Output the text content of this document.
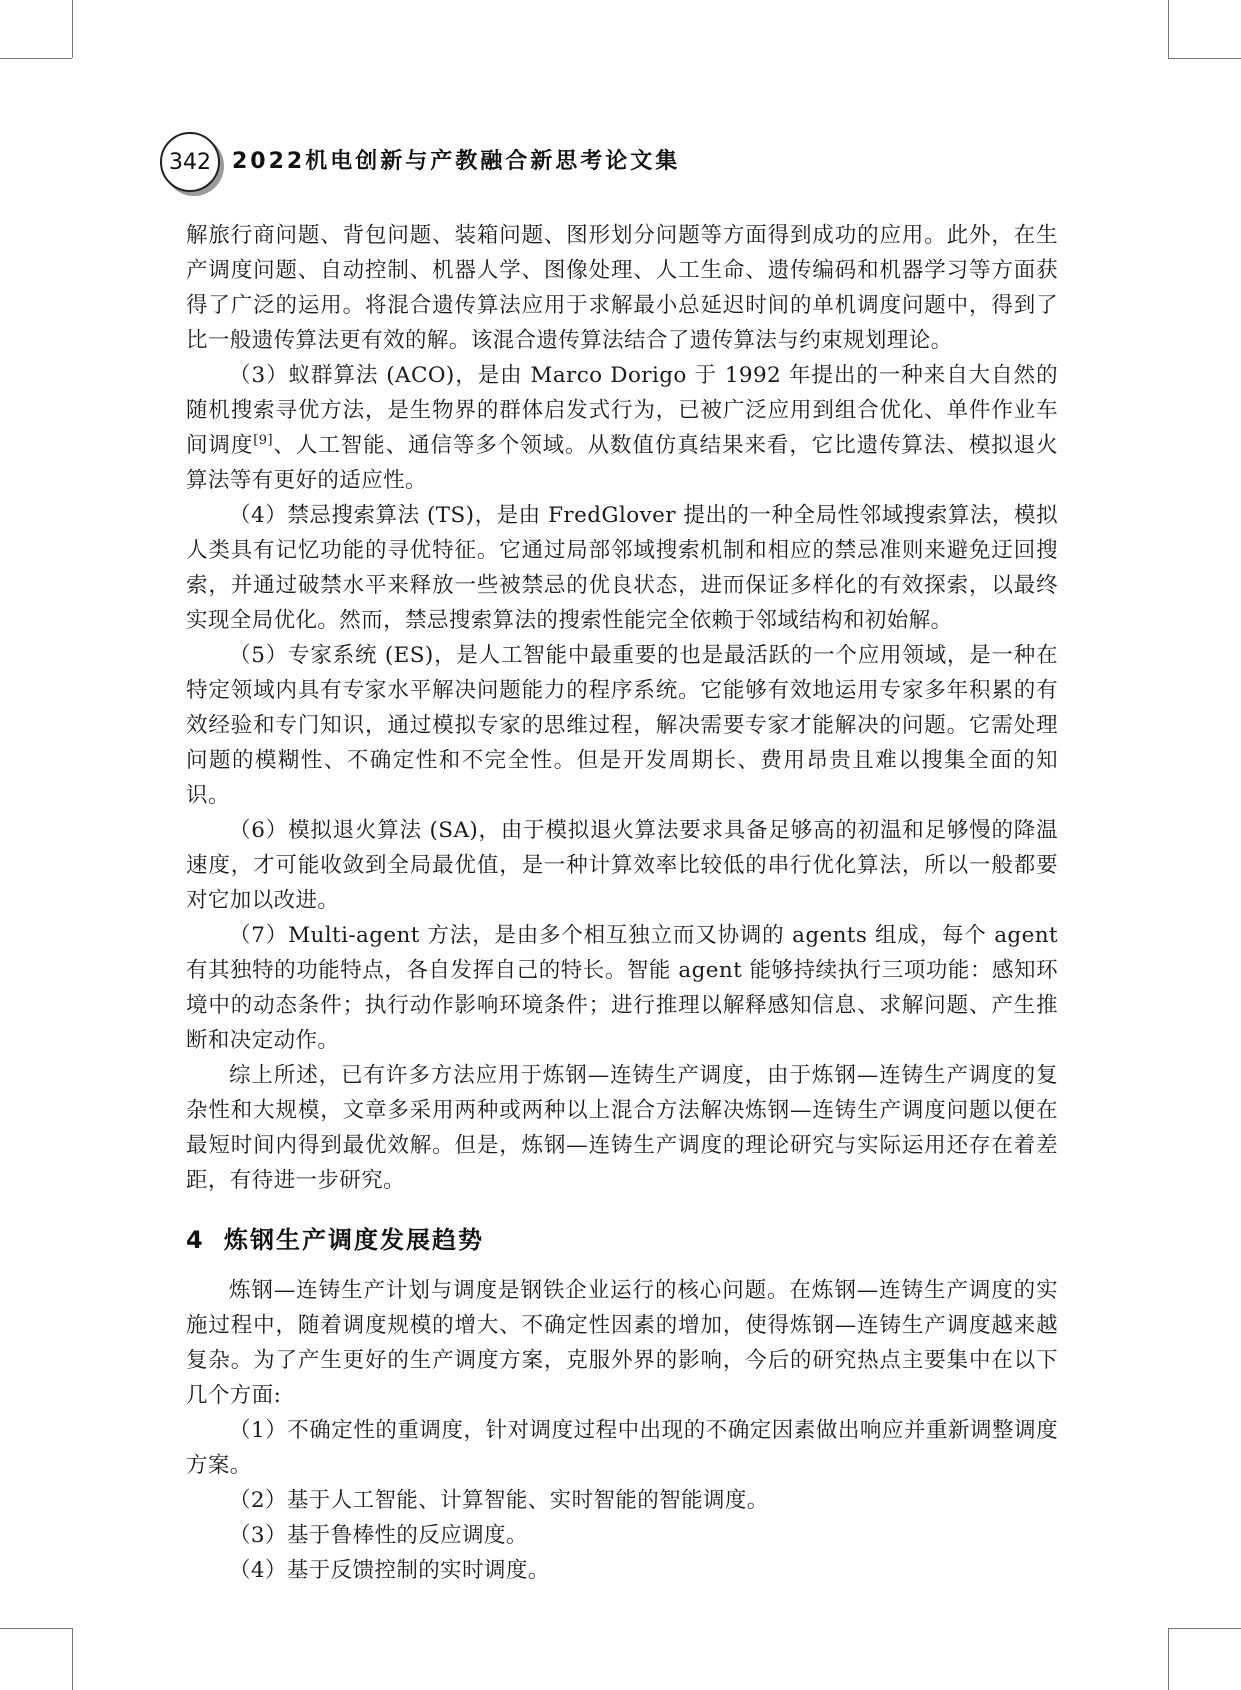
342 2022机电创新与产教融合新思考论文集

解旅行商问题、背包问题、装箱问题、图形划分问题等方面得到成功的应用。此外，在生产调度问题、自动控制、机器人学、图像处理、人工生命、遗传编码和机器学习等方面获得了广泛的运用。将混合遗传算法应用于求解最小总延迟时间的单机调度问题中，得到了比一般遗传算法更有效的解。该混合遗传算法结合了遗传算法与约束规划理论。

（3）蚁群算法 (ACO)，是由 Marco Dorigo 于 1992 年提出的一种来自大自然的随机搜索寻优方法，是生物界的群体启发式行为，已被广泛应用到组合优化、单件作业车间调度[9]、人工智能、通信等多个领域。从数值仿真结果来看，它比遗传算法、模拟退火算法等有更好的适应性。

（4）禁忌搜索算法 (TS)，是由 FredGlover 提出的一种全局性邻域搜索算法，模拟人类具有记忆功能的寻优特征。它通过局部邻域搜索机制和相应的禁忌准则来避免迂回搜索，并通过破禁水平来释放一些被禁忌的优良状态，进而保证多样化的有效探索，以最终实现全局优化。然而，禁忌搜索算法的搜索性能完全依赖于邻域结构和初始解。

（5）专家系统 (ES)，是人工智能中最重要的也是最活跃的一个应用领域，是一种在特定领域内具有专家水平解决问题能力的程序系统。它能够有效地运用专家多年积累的有效经验和专门知识，通过模拟专家的思维过程，解决需要专家才能解决的问题。它需处理问题的模糊性、不确定性和不完全性。但是开发周期长、费用昂贵且难以搜集全面的知识。

（6）模拟退火算法 (SA)，由于模拟退火算法要求具备足够高的初温和足够慢的降温速度，才可能收敛到全局最优值，是一种计算效率比较低的串行优化算法，所以一般都要对它加以改进。

（7）Multi-agent 方法，是由多个相互独立而又协调的 agents 组成，每个 agent 有其独特的功能特点，各自发挥自己的特长。智能 agent 能够持续执行三项功能：感知环境中的动态条件；执行动作影响环境条件；进行推理以解释感知信息、求解问题、产生推断和决定动作。

综上所述，已有许多方法应用于炼钢—连铸生产调度，由于炼钢—连铸生产调度的复杂性和大规模，文章多采用两种或两种以上混合方法解决炼钢—连铸生产调度问题以便在最短时间内得到最优效解。但是，炼钢—连铸生产调度的理论研究与实际运用还存在着差距，有待进一步研究。

4 炼钢生产调度发展趋势

炼钢—连铸生产计划与调度是钢铁企业运行的核心问题。在炼钢—连铸生产调度的实施过程中，随着调度规模的增大、不确定性因素的增加，使得炼钢—连铸生产调度越来越复杂。为了产生更好的生产调度方案，克服外界的影响，今后的研究热点主要集中在以下几个方面:

（1）不确定性的重调度，针对调度过程中出现的不确定因素做出响应并重新调整调度方案。

（2）基于人工智能、计算智能、实时智能的智能调度。

（3）基于鲁棒性的反应调度。

（4）基于反馈控制的实时调度。
